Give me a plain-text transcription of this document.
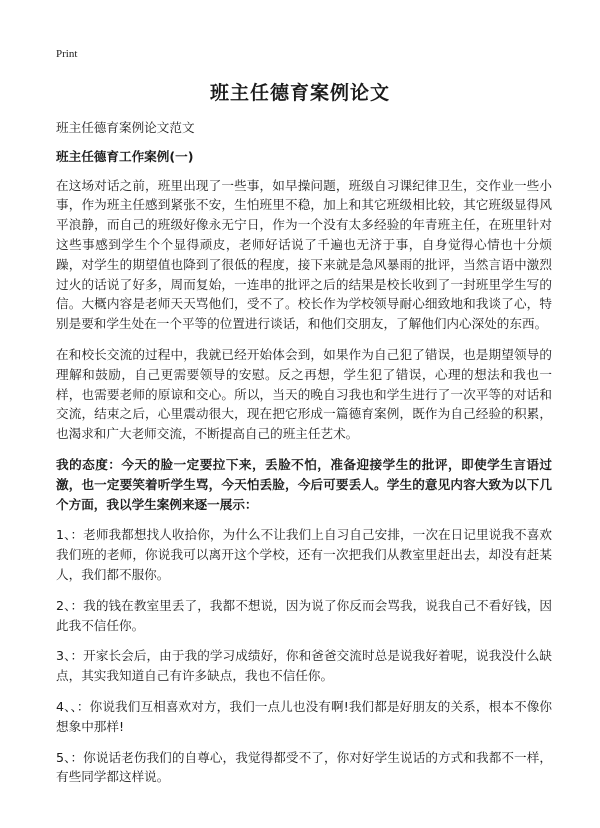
Print
班主任德育案例论文

班主任德育案例论文范文

班主任德育工作案例(一)

在这场对话之前，班里出现了一些事，如早操问题，班级自习课纪律卫生，交作业一些小事，作为班主任感到紧张不安，生怕班里不稳，加上和其它班级相比较，其它班级显得风平浪静，而自己的班级好像永无宁日，作为一个没有太多经验的年青班主任，在班里针对这些事感到学生个个显得顽皮，老师好话说了千遍也无济于事，自身觉得心情也十分烦躁，对学生的期望值也降到了很低的程度，接下来就是急风暴雨的批评，当然言语中激烈过火的话说了好多，周而复始，一连串的批评之后的结果是校长收到了一封班里学生写的信。大概内容是老师天天骂他们，受不了。校长作为学校领导耐心细致地和我谈了心，特别是要和学生处在一个平等的位置进行谈话，和他们交朋友，了解他们内心深处的东西。

在和校长交流的过程中，我就已经开始体会到，如果作为自己犯了错误，也是期望领导的理解和鼓励，自己更需要领导的安慰。反之再想，学生犯了错误，心理的想法和我也一样，也需要老师的原谅和交心。所以，当天的晚自习我也和学生进行了一次平等的对话和交流，结束之后，心里震动很大，现在把它形成一篇德育案例，既作为自己经验的积累，也渴求和广大老师交流，不断提高自己的班主任艺术。

我的态度：今天的脸一定要拉下来，丢脸不怕，准备迎接学生的批评，即使学生言语过激，也一定要笑着听学生骂，今天怕丢脸，今后可要丢人。学生的意见内容大致为以下几个方面，我以学生案例来逐一展示：

1、：老师我都想找人收拾你，为什么不让我们上自习自己安排，一次在日记里说我不喜欢我们班的老师，你说我可以离开这个学校，还有一次把我们从教室里赶出去，却没有赶某人，我们都不服你。

2、：我的钱在教室里丢了，我都不想说，因为说了你反而会骂我，说我自己不看好钱，因此我不信任你。

3、：开家长会后，由于我的学习成绩好，你和爸爸交流时总是说我好着呢，说我没什么缺点，其实我知道自己有许多缺点，我也不信任你。

4、、：你说我们互相喜欢对方，我们一点儿也没有啊!我们都是好朋友的关系，根本不像你想象中那样!

5、：你说话老伤我们的自尊心，我觉得都受不了，你对好学生说话的方式和我都不一样，有些同学都这样说。
